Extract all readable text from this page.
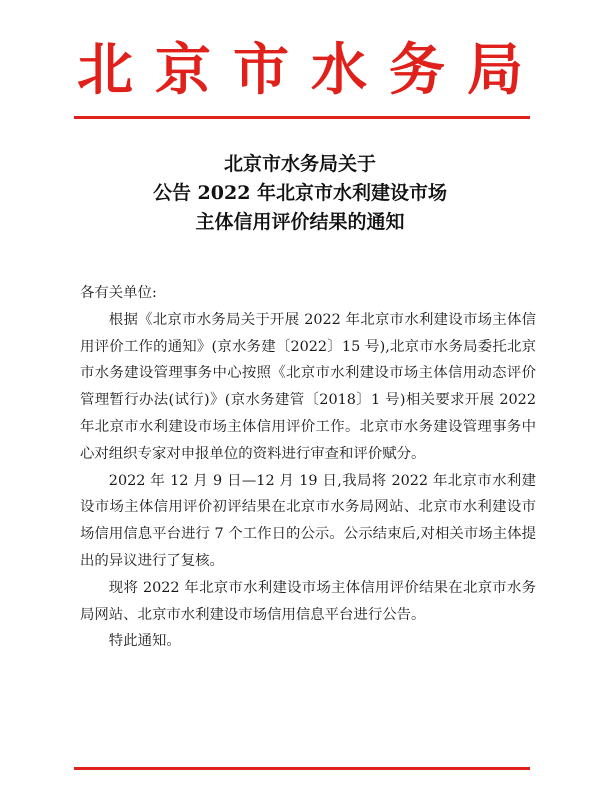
北京市水务局
北京市水务局关于
公告 2022 年北京市水利建设市场
主体信用评价结果的通知

各有关单位:

根据《北京市水务局关于开展 2022 年北京市水利建设市场主体信用评价工作的通知》(京水务建〔2022〕15 号),北京市水务局委托北京市水务建设管理事务中心按照《北京市水利建设市场主体信用动态评价管理暂行办法(试行)》(京水务建管〔2018〕1 号)相关要求开展 2022 年北京市水利建设市场主体信用评价工作。北京市水务建设管理事务中心对组织专家对申报单位的资料进行审查和评价赋分。

2022 年 12 月 9 日—12 月 19 日,我局将 2022 年北京市水利建设市场主体信用评价初评结果在北京市水务局网站、北京市水利建设市场信用信息平台进行 7 个工作日的公示。公示结束后,对相关市场主体提出的异议进行了复核。

现将 2022 年北京市水利建设市场主体信用评价结果在北京市水务局网站、北京市水利建设市场信用信息平台进行公告。

特此通知。
